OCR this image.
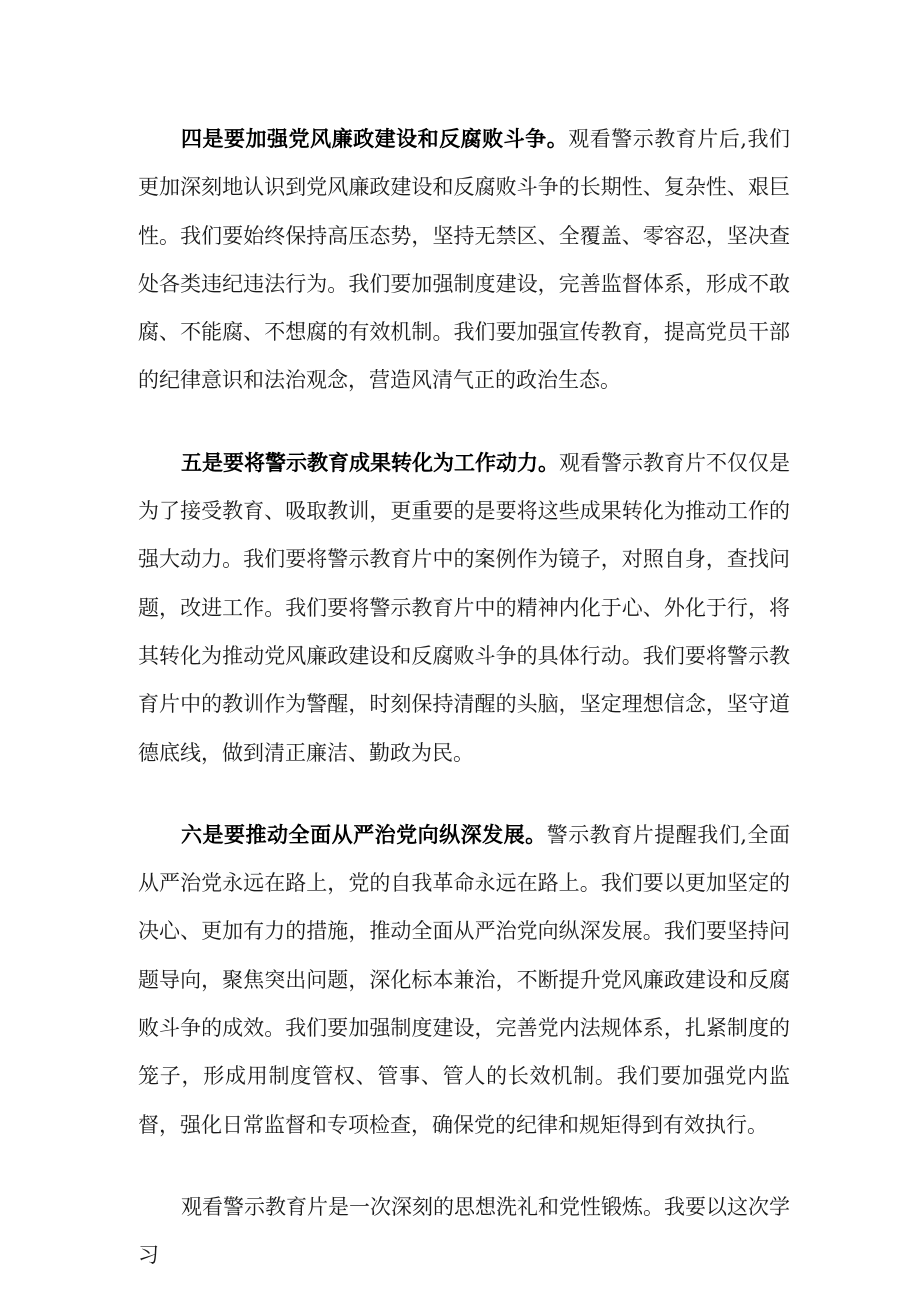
四是要加强党风廉政建设和反腐败斗争。观看警示教育片后,我们更加深刻地认识到党风廉政建设和反腐败斗争的长期性、复杂性、艰巨性。我们要始终保持高压态势，坚持无禁区、全覆盖、零容忍，坚决查处各类违纪违法行为。我们要加强制度建设，完善监督体系，形成不敢腐、不能腐、不想腐的有效机制。我们要加强宣传教育，提高党员干部的纪律意识和法治观念，营造风清气正的政治生态。

五是要将警示教育成果转化为工作动力。观看警示教育片不仅仅是为了接受教育、吸取教训，更重要的是要将这些成果转化为推动工作的强大动力。我们要将警示教育片中的案例作为镜子，对照自身，查找问题，改进工作。我们要将警示教育片中的精神内化于心、外化于行，将其转化为推动党风廉政建设和反腐败斗争的具体行动。我们要将警示教育片中的教训作为警醒，时刻保持清醒的头脑，坚定理想信念，坚守道德底线，做到清正廉洁、勤政为民。

六是要推动全面从严治党向纵深发展。警示教育片提醒我们,全面从严治党永远在路上，党的自我革命永远在路上。我们要以更加坚定的决心、更加有力的措施，推动全面从严治党向纵深发展。我们要坚持问题导向，聚焦突出问题，深化标本兼治，不断提升党风廉政建设和反腐败斗争的成效。我们要加强制度建设，完善党内法规体系，扎紧制度的笼子，形成用制度管权、管事、管人的长效机制。我们要加强党内监督，强化日常监督和专项检查，确保党的纪律和规矩得到有效执行。

观看警示教育片是一次深刻的思想洗礼和党性锻炼。我要以这次学习
